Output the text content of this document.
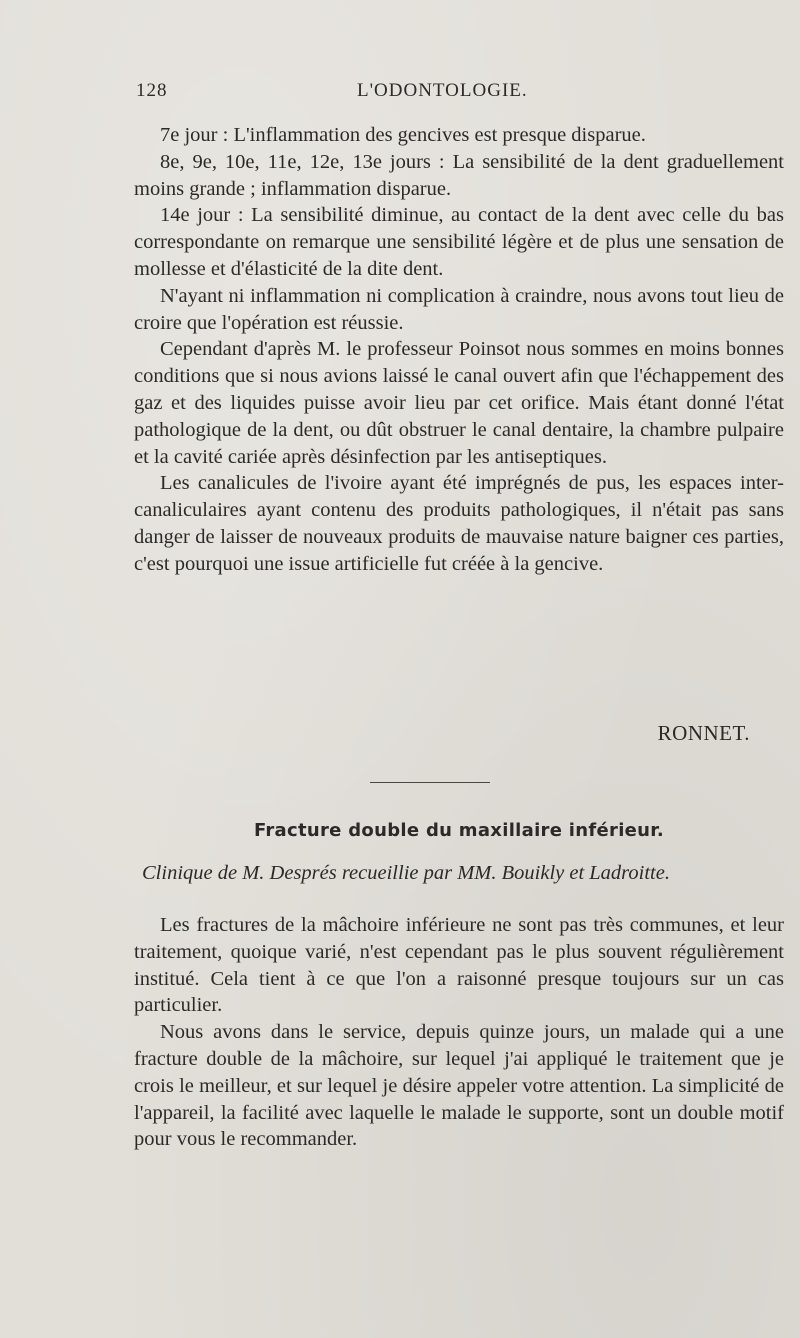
128	L'ODONTOLOGIE.

7e jour : L'inflammation des gencives est presque disparue.

8e, 9e, 10e, 11e, 12e, 13e jours : La sensibilité de la dent graduellement moins grande ; inflammation disparue.

14e jour : La sensibilité diminue, au contact de la dent avec celle du bas correspondante on remarque une sensibilité légère et de plus une sensation de mollesse et d'élasticité de la dite dent.

N'ayant ni inflammation ni complication à craindre, nous avons tout lieu de croire que l'opération est réussie.

Cependant d'après M. le professeur Poinsot nous sommes en moins bonnes conditions que si nous avions laissé le canal ouvert afin que l'échappement des gaz et des liquides puisse avoir lieu par cet orifice. Mais étant donné l'état pathologique de la dent, ou dût obstruer le canal dentaire, la chambre pulpaire et la cavité cariée après désinfection par les antiseptiques.

Les canalicules de l'ivoire ayant été imprégnés de pus, les espaces inter-canaliculaires ayant contenu des produits pathologiques, il n'était pas sans danger de laisser de nouveaux produits de mauvaise nature baigner ces parties, c'est pourquoi une issue artificielle fut créée à la gencive.

RONNET.
Fracture double du maxillaire inférieur.
Clinique de M. Després recueillie par MM. Bouikly et Ladroitte.

Les fractures de la mâchoire inférieure ne sont pas très communes, et leur traitement, quoique varié, n'est cependant pas le plus souvent régulièrement institué. Cela tient à ce que l'on a raisonné presque toujours sur un cas particulier.

Nous avons dans le service, depuis quinze jours, un malade qui a une fracture double de la mâchoire, sur lequel j'ai appliqué le traitement que je crois le meilleur, et sur lequel je désire appeler votre attention. La simplicité de l'appareil, la facilité avec laquelle le malade le supporte, sont un double motif pour vous le recommander.
